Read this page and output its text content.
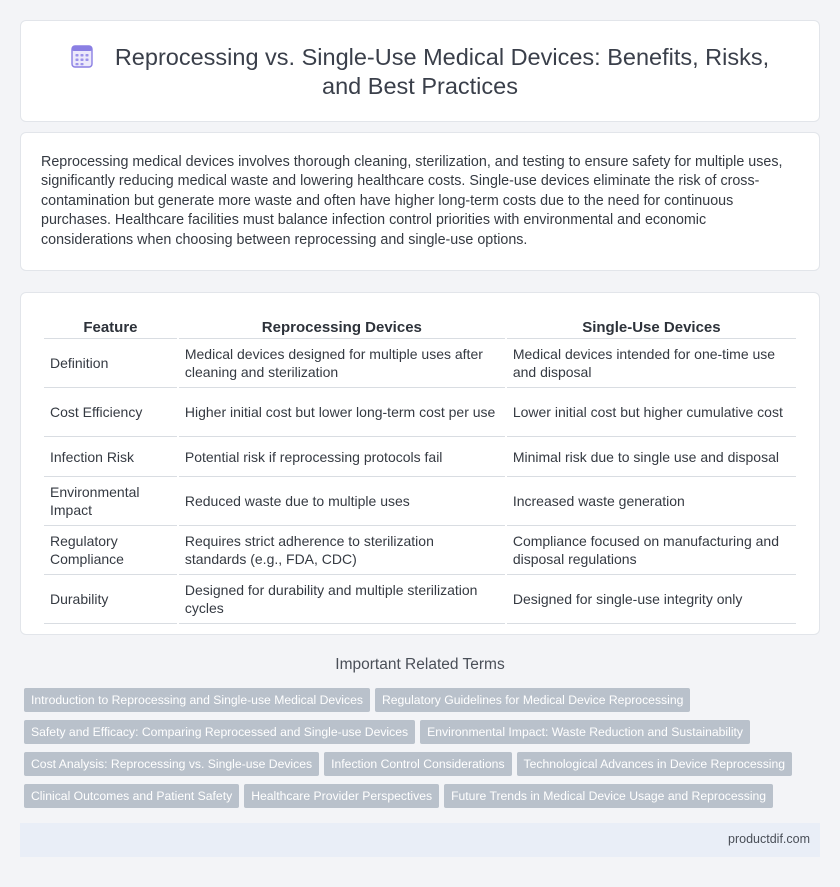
Reprocessing vs. Single-Use Medical Devices: Benefits, Risks, and Best Practices

Reprocessing medical devices involves thorough cleaning, sterilization, and testing to ensure safety for multiple uses, significantly reducing medical waste and lowering healthcare costs. Single-use devices eliminate the risk of cross-contamination but generate more waste and often have higher long-term costs due to the need for continuous purchases. Healthcare facilities must balance infection control priorities with environmental and economic considerations when choosing between reprocessing and single-use options.

Feature	Reprocessing Devices	Single-Use Devices
Definition	Medical devices designed for multiple uses after cleaning and sterilization	Medical devices intended for one-time use and disposal
Cost Efficiency	Higher initial cost but lower long-term cost per use	Lower initial cost but higher cumulative cost
Infection Risk	Potential risk if reprocessing protocols fail	Minimal risk due to single use and disposal
Environmental Impact	Reduced waste due to multiple uses	Increased waste generation
Regulatory Compliance	Requires strict adherence to sterilization standards (e.g., FDA, CDC)	Compliance focused on manufacturing and disposal regulations
Durability	Designed for durability and multiple sterilization cycles	Designed for single-use integrity only
Important Related Terms
Introduction to Reprocessing and Single-use Medical Devices Regulatory Guidelines for Medical Device Reprocessing
Safety and Efficacy: Comparing Reprocessed and Single-use Devices Environmental Impact: Waste Reduction and Sustainability
Cost Analysis: Reprocessing vs. Single-use Devices Infection Control Considerations Technological Advances in Device Reprocessing
Clinical Outcomes and Patient Safety Healthcare Provider Perspectives Future Trends in Medical Device Usage and Reprocessing
productdif.com
